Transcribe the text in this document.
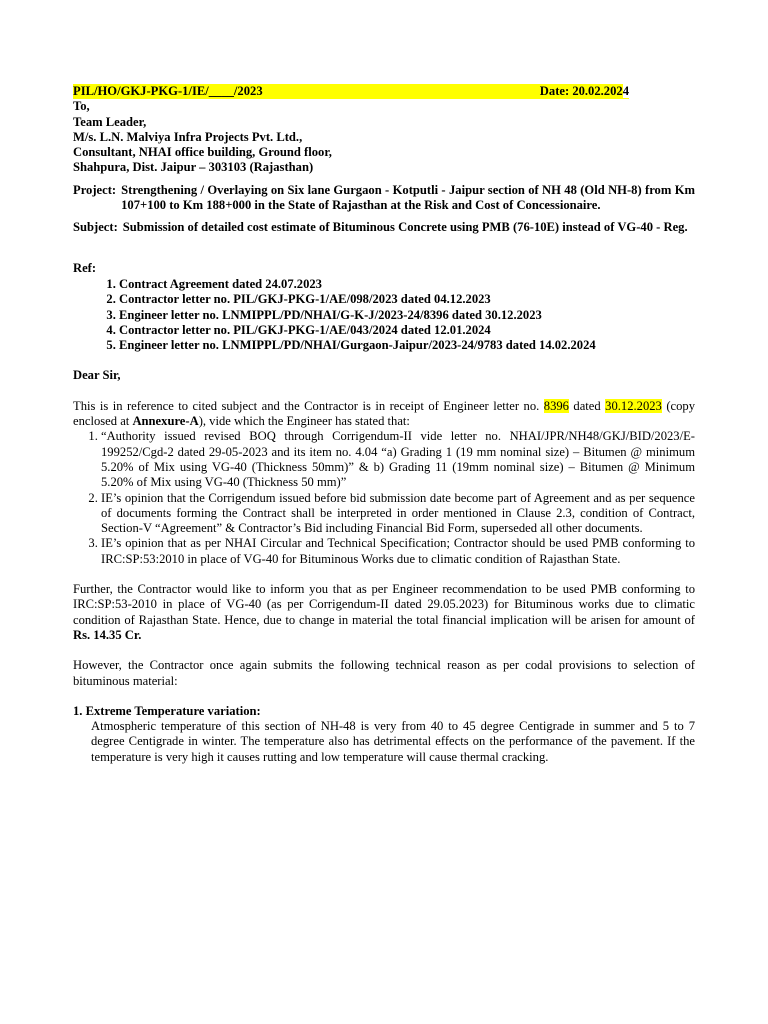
PIL/HO/GKJ-PKG-1/IE/____/2023	Date: 20.02.2024
To,
Team Leader,
M/s. L.N. Malviya Infra Projects Pvt. Ltd.,
Consultant, NHAI office building, Ground floor,
Shahpura, Dist. Jaipur – 303103 (Rajasthan)
Project: Strengthening / Overlaying on Six lane Gurgaon - Kotputli - Jaipur section of NH 48 (Old NH-8) from Km 107+100 to Km 188+000 in the State of Rajasthan at the Risk and Cost of Concessionaire.
Subject: Submission of detailed cost estimate of Bituminous Concrete using PMB (76-10E) instead of VG-40 - Reg.
Ref:
1. Contract Agreement dated 24.07.2023
2. Contractor letter no. PIL/GKJ-PKG-1/AE/098/2023 dated 04.12.2023
3. Engineer letter no. LNMIPPL/PD/NHAI/G-K-J/2023-24/8396 dated 30.12.2023
4. Contractor letter no. PIL/GKJ-PKG-1/AE/043/2024 dated 12.01.2024
5. Engineer letter no. LNMIPPL/PD/NHAI/Gurgaon-Jaipur/2023-24/9783 dated 14.02.2024
Dear Sir,

This is in reference to cited subject and the Contractor is in receipt of Engineer letter no. 8396 dated 30.12.2023 (copy enclosed at Annexure-A), vide which the Engineer has stated that:

1. “Authority issued revised BOQ through Corrigendum-II vide letter no. NHAI/JPR/NH48/GKJ/BID/2023/E-199252/Cgd-2 dated 29-05-2023 and its item no. 4.04 “a) Grading 1 (19 mm nominal size) – Bitumen @ minimum 5.20% of Mix using VG-40 (Thickness 50mm)” & b) Grading 11 (19mm nominal size) – Bitumen @ Minimum 5.20% of Mix using VG-40 (Thickness 50 mm)”
2. IE’s opinion that the Corrigendum issued before bid submission date become part of Agreement and as per sequence of documents forming the Contract shall be interpreted in order mentioned in Clause 2.3, condition of Contract, Section-V “Agreement” & Contractor’s Bid including Financial Bid Form, superseded all other documents.
3. IE’s opinion that as per NHAI Circular and Technical Specification; Contractor should be used PMB conforming to IRC:SP:53:2010 in place of VG-40 for Bituminous Works due to climatic condition of Rajasthan State.

Further, the Contractor would like to inform you that as per Engineer recommendation to be used PMB conforming to IRC:SP:53-2010 in place of VG-40 (as per Corrigendum-II dated 29.05.2023) for Bituminous works due to climatic condition of Rajasthan State. Hence, due to change in material the total financial implication will be arisen for amount of Rs. 14.35 Cr.

However, the Contractor once again submits the following technical reason as per codal provisions to selection of bituminous material:

1. Extreme Temperature variation:
Atmospheric temperature of this section of NH-48 is very from 40 to 45 degree Centigrade in summer and 5 to 7 degree Centigrade in winter. The temperature also has detrimental effects on the performance of the pavement. If the temperature is very high it causes rutting and low temperature will cause thermal cracking.
